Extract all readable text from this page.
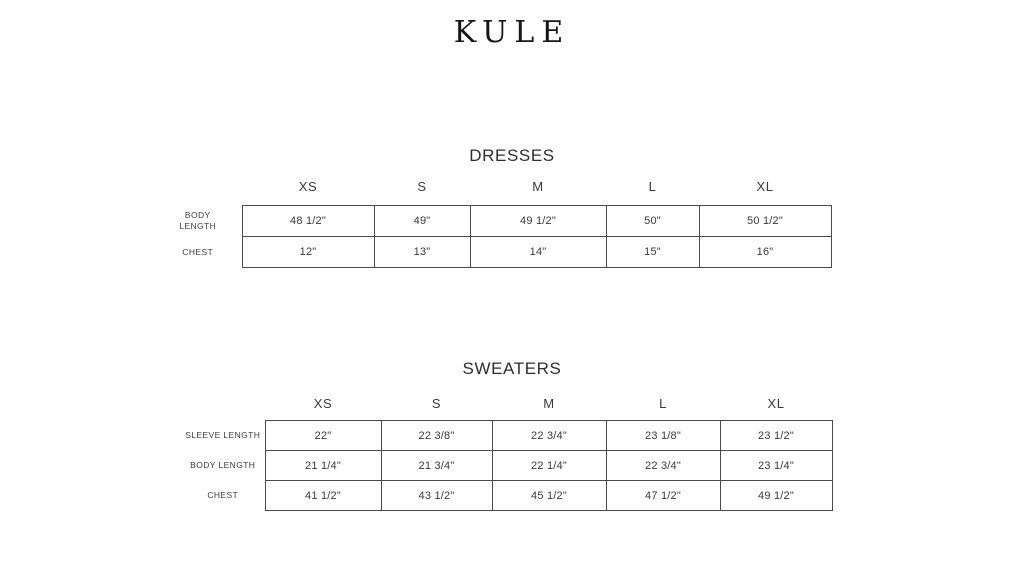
KULE
DRESSES
	XS	S	M	L	XL
BODY LENGTH	48 1/2"	49"	49 1/2"	50"	50 1/2"
CHEST	12"	13"	14"	15"	16"
SWEATERS
	XS	S	M	L	XL
SLEEVE LENGTH	22"	22 3/8"	22 3/4"	23 1/8"	23 1/2"
BODY LENGTH	21 1/4"	21 3/4"	22 1/4"	22 3/4"	23 1/4"
CHEST	41 1/2"	43 1/2"	45 1/2"	47 1/2"	49 1/2"
